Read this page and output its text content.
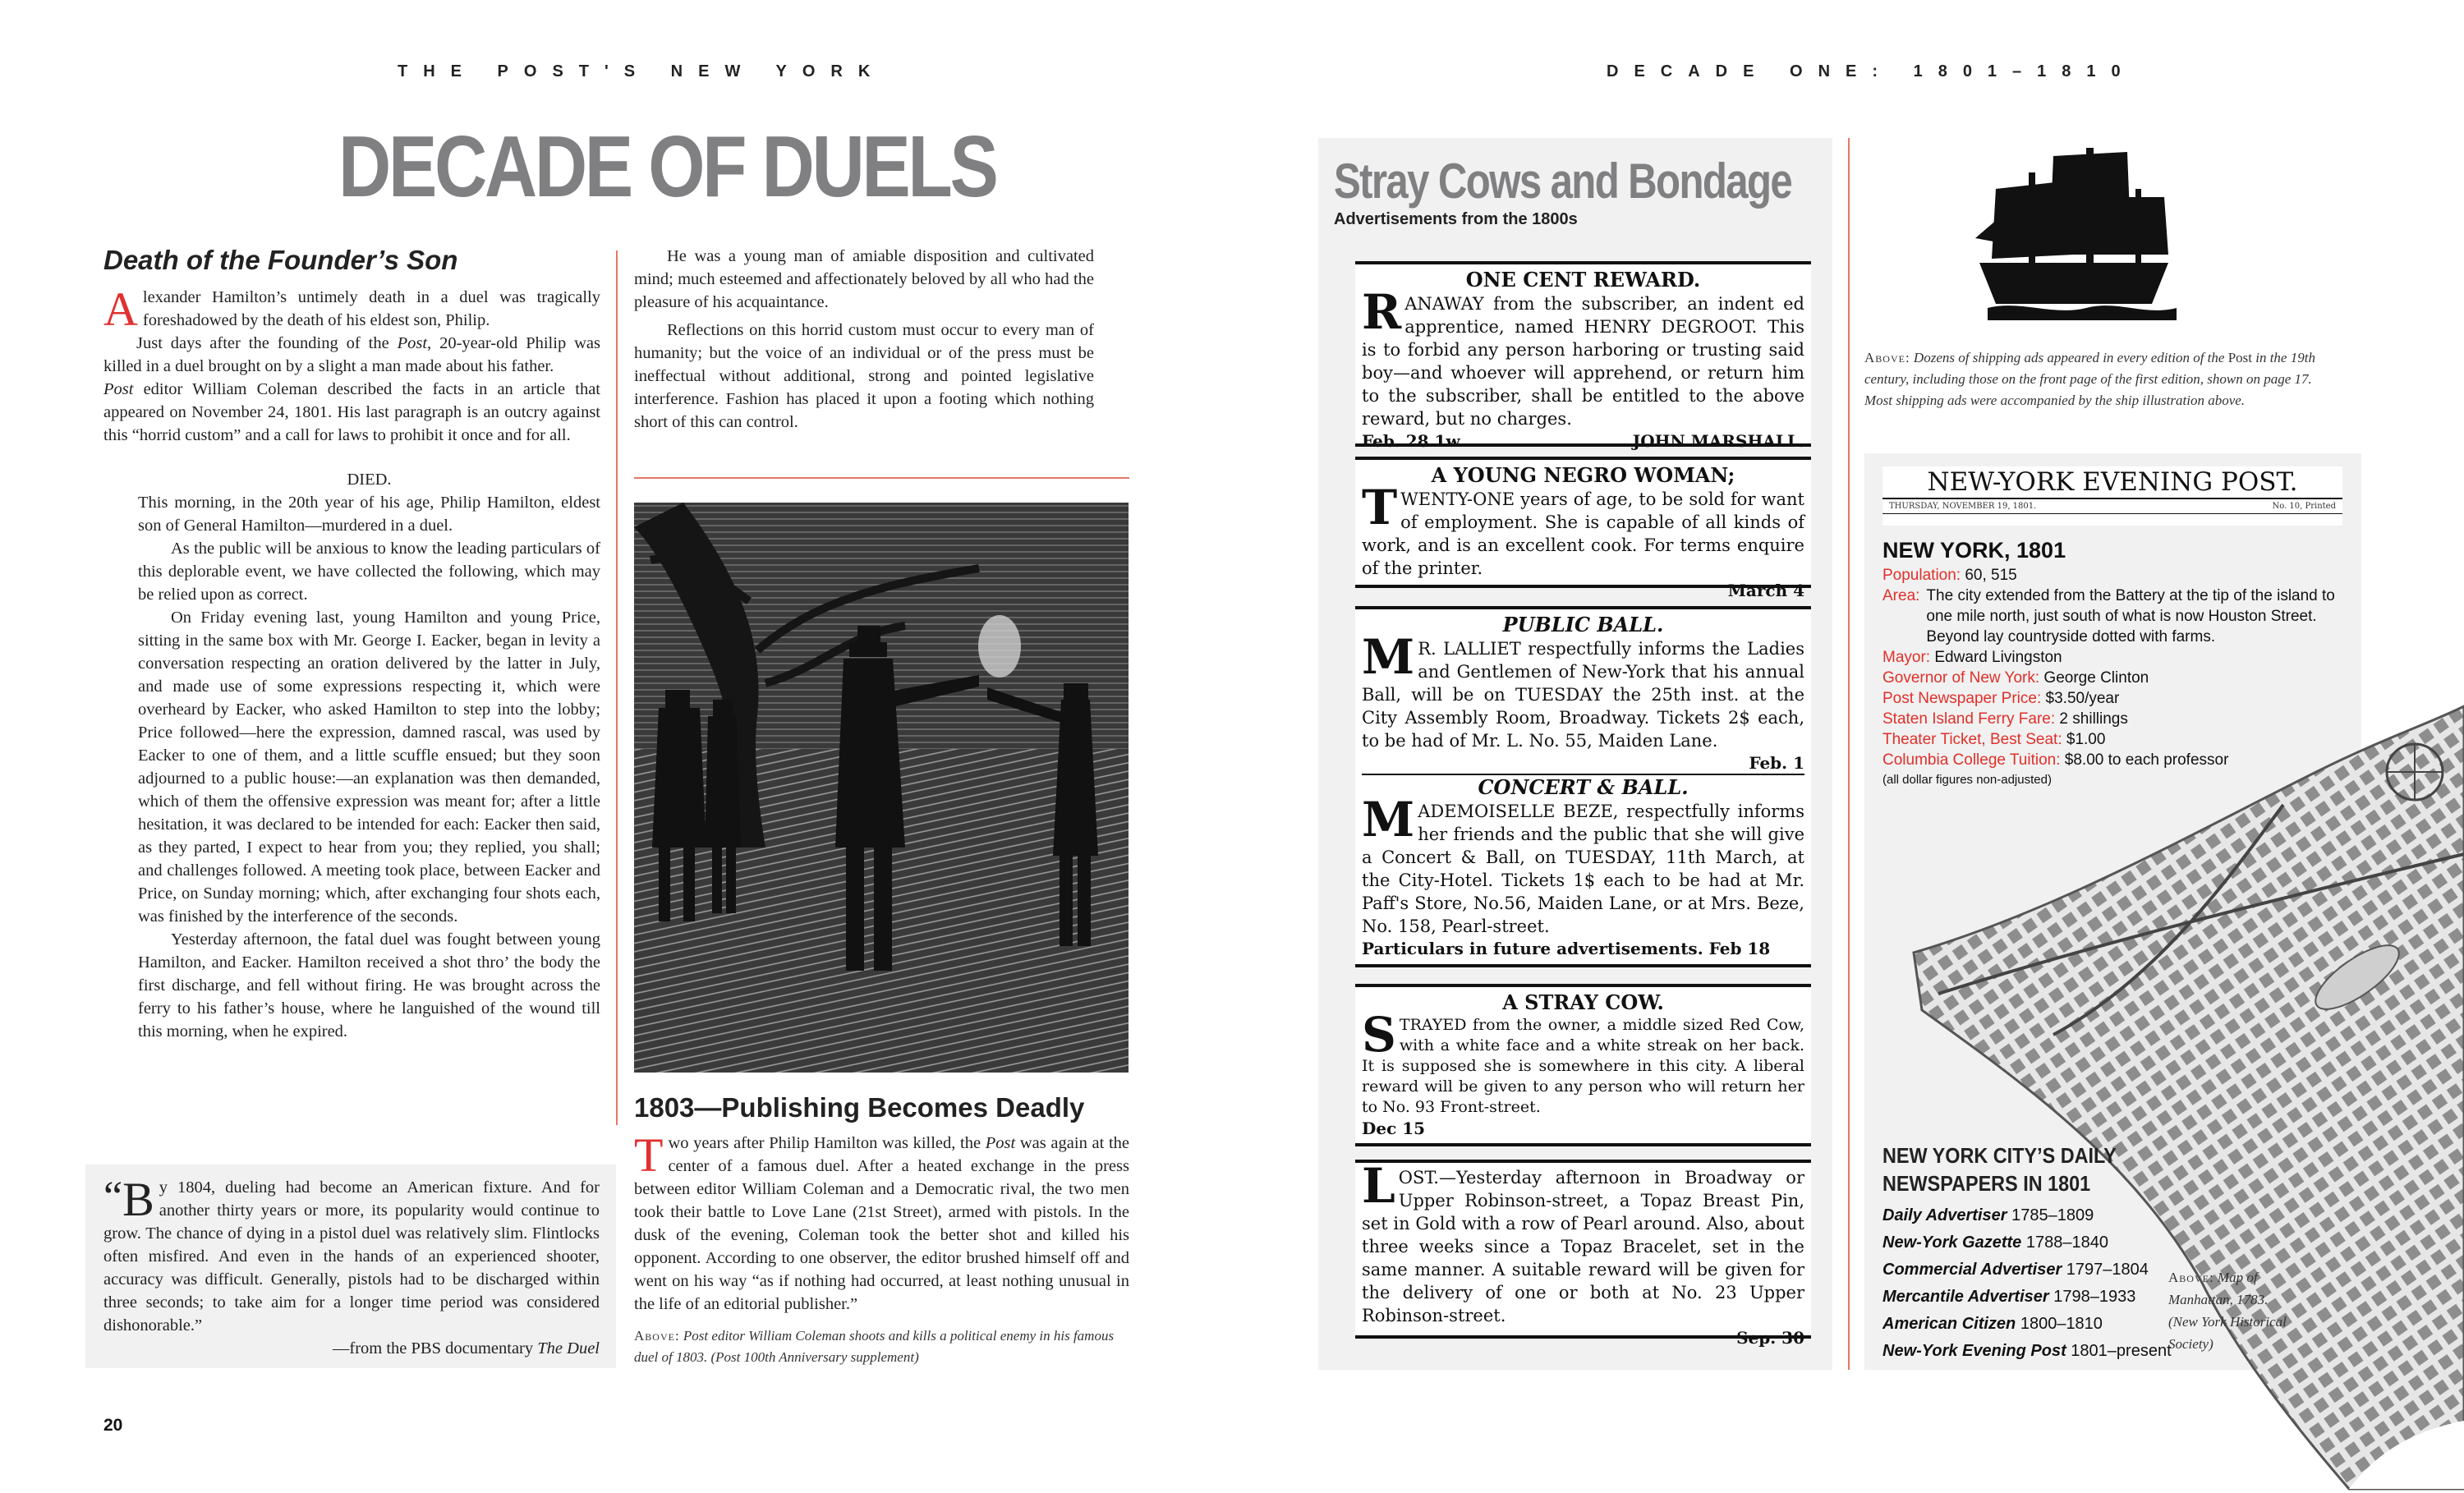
THE POST'S NEW YORK
20
DECADE OF DUELS
Death of the Founder’s Son

Alexander Hamilton’s untimely death in a duel was tragically foreshadowed by the death of his eldest son, Philip.

Just days after the founding of the Post, 20-year-old Philip was killed in a duel brought on by a slight a man made about his father.

Post editor William Coleman described the facts in an article that appeared on November 24, 1801. His last paragraph is an outcry against this “horrid custom” and a call for laws to prohibit it once and for all.

DIED.

This morning, in the 20th year of his age, Philip Hamilton, eldest son of General Hamilton—murdered in a duel.

As the public will be anxious to know the leading particulars of this deplorable event, we have collected the following, which may be relied upon as correct.

On Friday evening last, young Hamilton and young Price, sitting in the same box with Mr. George I. Eacker, began in levity a conversation respecting an oration delivered by the latter in July, and made use of some expressions respecting it, which were overheard by Eacker, who asked Hamilton to step into the lobby; Price followed—here the expression, damned rascal, was used by Eacker to one of them, and a little scuffle ensued; but they soon adjourned to a public house:—an explanation was then demanded, which of them the offensive expression was meant for; after a little hesitation, it was declared to be intended for each: Eacker then said, as they parted, I expect to hear from you; they replied, you shall; and challenges followed. A meeting took place, between Eacker and Price, on Sunday morning; which, after exchanging four shots each, was finished by the interference of the seconds.

Yesterday afternoon, the fatal duel was fought between young Hamilton, and Eacker. Hamilton received a shot thro’ the body the first discharge, and fell without firing. He was brought across the ferry to his father’s house, where he languished of the wound till this morning, when he expired.

He was a young man of amiable disposition and cultivated mind; much esteemed and affectionately beloved by all who had the pleasure of his acquaintance.

Reflections on this horrid custom must occur to every man of humanity; but the voice of an individual or of the press must be ineffectual without additional, strong and pointed legislative interference. Fashion has placed it upon a footing which nothing short of this can control.

1803—Publishing Becomes Deadly

Two years after Philip Hamilton was killed, the Post was again at the center of a famous duel. After a heated exchange in the press between editor William Coleman and a Democratic rival, the two men took their battle to Love Lane (21st Street), armed with pistols. In the dusk of the evening, Coleman took the better shot and killed his opponent. According to one observer, the editor brushed himself off and went on his way “as if nothing had occurred, at least nothing unusual in the life of an editorial publisher.”

Above: Post editor William Coleman shoots and kills a political enemy in his famous duel of 1803. (Post 100th Anniversary supplement)

“ B y 1804, dueling had become an American fixture. And for another thirty years or more, its popularity would continue to grow. The chance of dying in a pistol duel was relatively slim. Flintlocks often misfired. And even in the hands of an experienced shooter, accuracy was difficult. Generally, pistols had to be discharged within three seconds; to take aim for a longer time period was considered dishonorable.”

—from the PBS documentary The Duel

DECADE ONE: 1801–1810
Stray Cows and Bondage
Advertisements from the 1800s
ONE CENT REWARD.
RANAWAY from the subscriber, an indent ed apprentice, named HENRY DEGROOT. This is to forbid any person harboring or trusting said boy—and whoever will apprehend, or return him to the subscriber, shall be entitled to the above reward, but no charges.
Feb. 28 1w	JOHN MARSHALL.
A YOUNG NEGRO WOMAN;
TWENTY-ONE years of age, to be sold for want of employment. She is capable of all kinds of work, and is an excellent cook. For terms enquire of the printer.
March 4
PUBLIC BALL.
M R. LALLIET respectfully informs the Ladies and Gentlemen of New-York that his annual Ball, will be on TUESDAY the 25th inst. at the City Assembly Room, Broadway. Tickets 2$ each, to be had of Mr. L. No. 55, Maiden Lane.
Feb. 1
CONCERT & BALL.
MADEMOISELLE BEZE, respectfully informs her friends and the public that she will give a Concert & Ball, on TUESDAY, 11th March, at the City-Hotel. Tickets 1$ each to be had at Mr. Paff's Store, No.56, Maiden Lane, or at Mrs. Beze, No. 158, Pearl-street.
Particulars in future advertisements. Feb 18
A STRAY COW.
STRAYED from the owner, a middle sized Red Cow, with a white face and a white streak on her back. It is supposed she is somewhere in this city. A liberal reward will be given to any person who will return her to No. 93 Front-street.
Dec 15
LOST.—Yesterday afternoon in Broadway or Upper Robinson-street, a Topaz Breast Pin, set in Gold with a row of Pearl around. Also, about three weeks since a Topaz Bracelet, set in the same manner. A suitable reward will be given for the delivery of one or both at No. 23 Upper Robinson-street.
Sep. 30
Above: Dozens of shipping ads appeared in every edition of the Post in the 19th century, including those on the front page of the first edition, shown on page 17. Most shipping ads were accompanied by the ship illustration above.
NEW-YORK EVENING POST.
THURSDAY, NOVEMBER 19, 1801.	No. 10, Printed
NEW YORK, 1801
Population: 60, 515
Area: The city extended from the Battery at the tip of the island to one mile north, just south of what is now Houston Street. Beyond lay countryside dotted with farms.
Mayor: Edward Livingston
Governor of New York: George Clinton
Post Newspaper Price: $3.50/year
Staten Island Ferry Fare: 2 shillings
Theater Ticket, Best Seat: $1.00
Columbia College Tuition: $8.00 to each professor
(all dollar figures non-adjusted)
NEW YORK CITY’S DAILY
NEWSPAPERS IN 1801
Daily Advertiser 1785–1809
New-York Gazette 1788–1840
Commercial Advertiser 1797–1804
Mercantile Advertiser 1798–1933
American Citizen 1800–1810
New-York Evening Post 1801–present
Above: Map of Manhattan, 1783. (New York Historical Society)
